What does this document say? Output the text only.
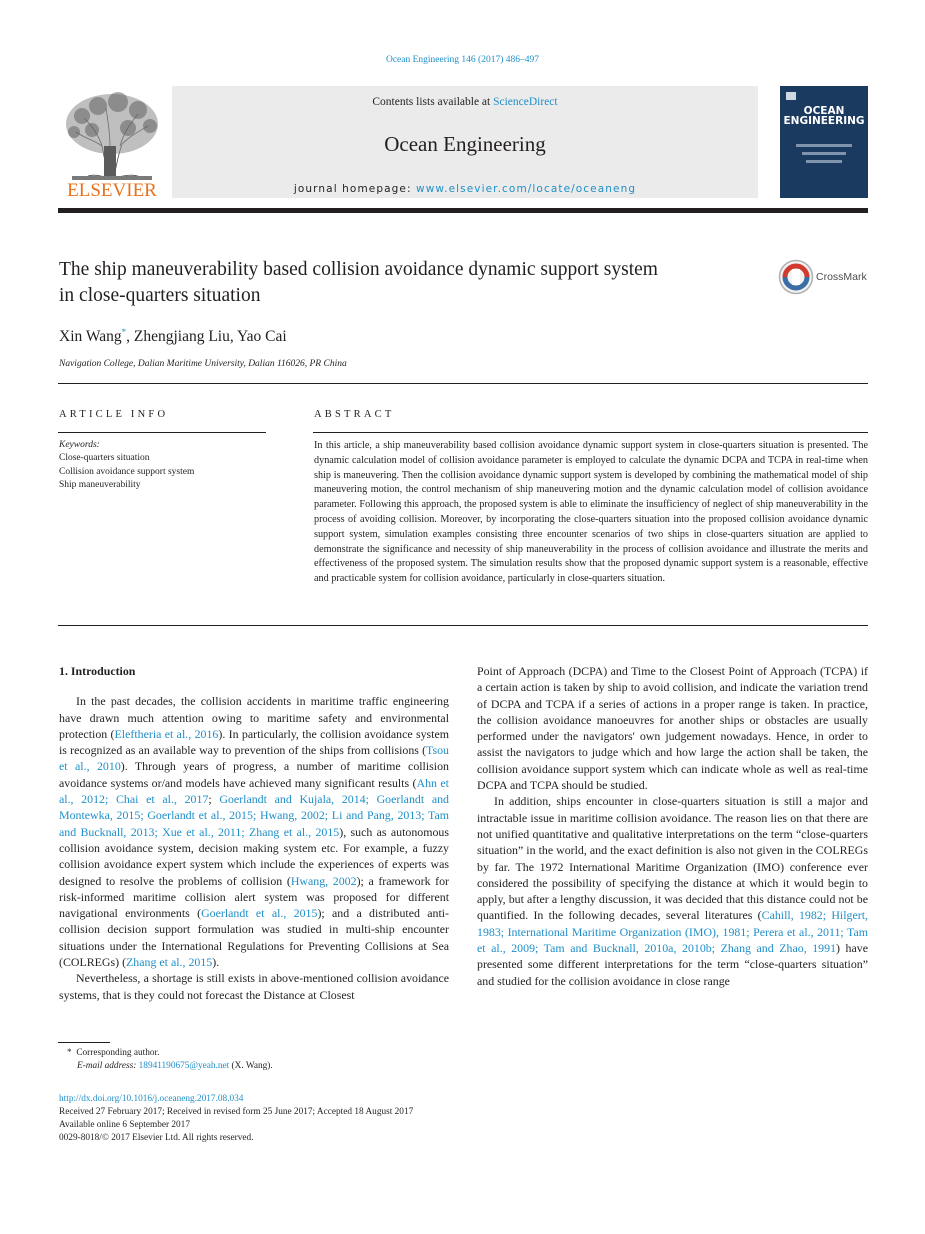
Ocean Engineering 146 (2017) 486–497
ELSEVIER
Contents lists available at ScienceDirect
Ocean Engineering
journal homepage: www.elsevier.com/locate/oceaneng
OCEAN
ENGINEERING
The ship maneuverability based collision avoidance dynamic support system
in close-quarters situation
CrossMark
Xin Wang*, Zhengjiang Liu, Yao Cai
Navigation College, Dalian Maritime University, Dalian 116026, PR China
ARTICLE INFO
Keywords:
Close-quarters situation
Collision avoidance support system
Ship maneuverability
ABSTRACT
In this article, a ship maneuverability based collision avoidance dynamic support system in close-quarters situation is presented. The dynamic calculation model of collision avoidance parameter is employed to calculate the dynamic DCPA and TCPA in real-time when ship is maneuvering. Then the collision avoidance dynamic support system is developed by combining the mathematical model of ship maneuvering motion, the control mechanism of ship maneuvering motion and the dynamic calculation model of collision avoidance parameter. Following this approach, the proposed system is able to eliminate the insufficiency of neglect of ship maneuverability in the process of avoiding collision. Moreover, by incorporating the close-quarters situation into the proposed collision avoidance dynamic support system, simulation examples consisting three encounter scenarios of two ships in close-quarters situation are applied to demonstrate the significance and necessity of ship maneuverability in the process of collision avoidance and illustrate the merits and effectiveness of the proposed system. The simulation results show that the proposed dynamic support system is a reasonable, effective and practicable system for collision avoidance, particularly in close-quarters situation.
1. Introduction

In the past decades, the collision accidents in maritime traffic engineering have drawn much attention owing to maritime safety and environmental protection (Eleftheria et al., 2016). In particularly, the collision avoidance system is recognized as an available way to prevention of the ships from collisions (Tsou et al., 2010). Through years of progress, a number of maritime collision avoidance systems or/and models have achieved many significant results (Ahn et al., 2012; Chai et al., 2017; Goerlandt and Kujala, 2014; Goerlandt and Montewka, 2015; Goerlandt et al., 2015; Hwang, 2002; Li and Pang, 2013; Tam and Bucknall, 2013; Xue et al., 2011; Zhang et al., 2015), such as autonomous collision avoidance system, decision making system etc. For example, a fuzzy collision avoidance expert system which include the experiences of experts was designed to resolve the problems of collision (Hwang, 2002); a framework for risk-informed maritime collision alert system was proposed for different navigational environments (Goerlandt et al., 2015); and a distributed anti-collision decision support formulation was studied in multi-ship encounter situations under the International Regulations for Preventing Collisions at Sea (COLREGs) (Zhang et al., 2015).

Nevertheless, a shortage is still exists in above-mentioned collision avoidance systems, that is they could not forecast the Distance at Closest

Point of Approach (DCPA) and Time to the Closest Point of Approach (TCPA) if a certain action is taken by ship to avoid collision, and indicate the variation trend of DCPA and TCPA if a series of actions in a proper range is taken. In practice, the collision avoidance manoeuvres for another ships or obstacles are usually performed under the navigators' own judgement nowadays. Hence, in order to assist the navigators to judge which and how large the action shall be taken, the collision avoidance support system which can indicate whole as well as real-time DCPA and TCPA should be studied.

In addition, ships encounter in close-quarters situation is still a major and intractable issue in maritime collision avoidance. The reason lies on that there are not unified quantitative and qualitative interpretations on the term “close-quarters situation” in the world, and the exact definition is also not given in the COLREGs by far. The 1972 International Maritime Organization (IMO) conference ever considered the possibility of specifying the distance at which it would begin to apply, but after a lengthy discussion, it was decided that this distance could not be quantified. In the following decades, several literatures (Cahill, 1982; Hilgert, 1983; International Maritime Organization (IMO), 1981; Perera et al., 2011; Tam et al., 2009; Tam and Bucknall, 2010a, 2010b; Zhang and Zhao, 1991) have presented some different interpretations for the term “close-quarters situation” and studied for the collision avoidance in close range

* Corresponding author.
E-mail address: 18941190675@yeah.net (X. Wang).
http://dx.doi.org/10.1016/j.oceaneng.2017.08.034
Received 27 February 2017; Received in revised form 25 June 2017; Accepted 18 August 2017
Available online 6 September 2017
0029-8018/© 2017 Elsevier Ltd. All rights reserved.
